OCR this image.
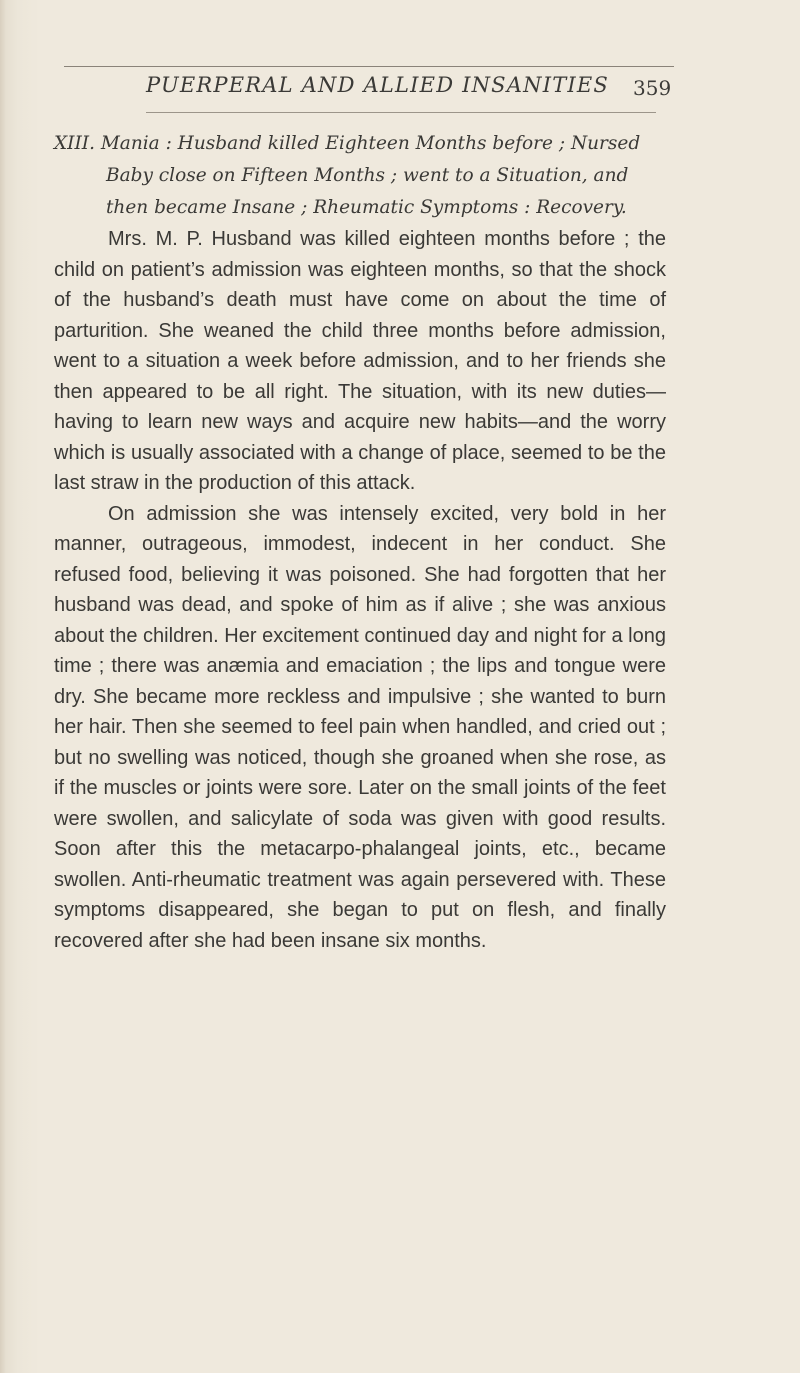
PUERPERAL AND ALLIED INSANITIES 359
XIII. Mania : Husband killed Eighteen Months before ; Nursed Baby close on Fifteen Months ; went to a Situation, and then became Insane ; Rheumatic Symptoms : Recovery.

Mrs. M. P. Husband was killed eighteen months before ; the child on patient’s admission was eighteen months, so that the shock of the husband’s death must have come on about the time of parturition. She weaned the child three months before admission, went to a situation a week before admission, and to her friends she then appeared to be all right. The situation, with its new duties—having to learn new ways and acquire new habits—and the worry which is usually associated with a change of place, seemed to be the last straw in the production of this attack.

On admission she was intensely excited, very bold in her manner, outrageous, immodest, indecent in her conduct. She refused food, believing it was poisoned. She had forgotten that her husband was dead, and spoke of him as if alive ; she was anxious about the children. Her excitement continued day and night for a long time ; there was anæmia and emaciation ; the lips and tongue were dry. She became more reckless and impulsive ; she wanted to burn her hair. Then she seemed to feel pain when handled, and cried out ; but no swelling was noticed, though she groaned when she rose, as if the muscles or joints were sore. Later on the small joints of the feet were swollen, and salicylate of soda was given with good results. Soon after this the metacarpo-phalangeal joints, etc., became swollen. Anti-rheumatic treatment was again persevered with. These symptoms disappeared, she began to put on flesh, and finally recovered after she had been insane six months.
